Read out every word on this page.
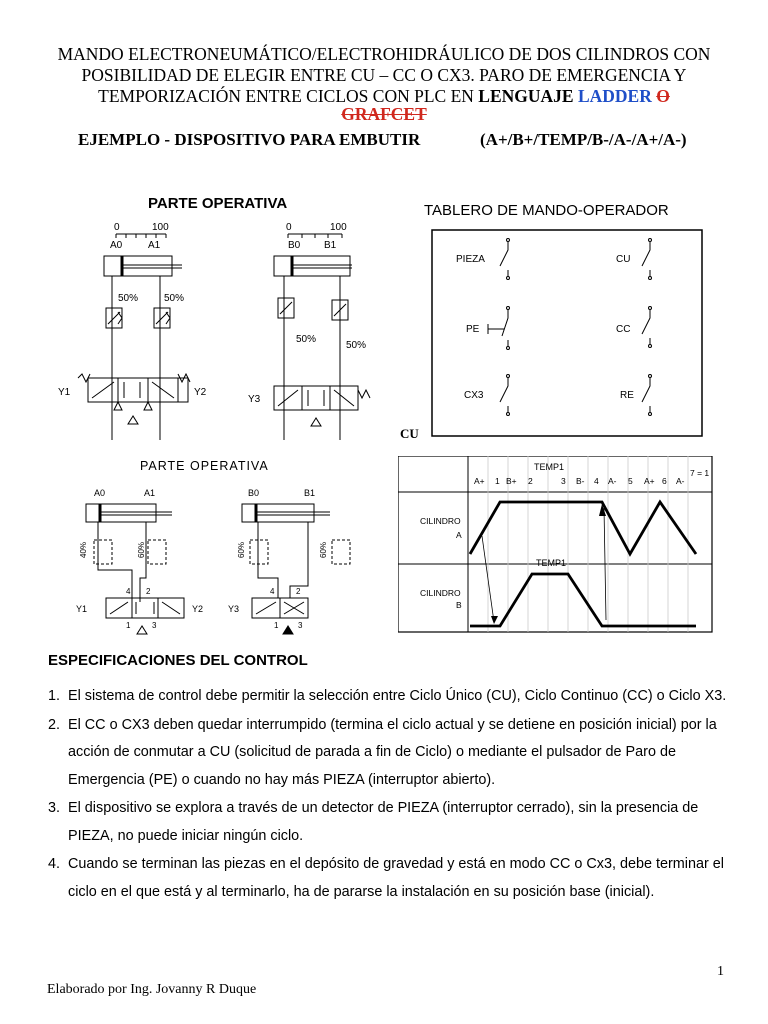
MANDO ELECTRONEUMÁTICO/ELECTROHIDRÁULICO DE DOS CILINDROS CON
POSIBILIDAD DE ELEGIR ENTRE CU – CC O CX3. PARO DE EMERGENCIA Y
TEMPORIZACIÓN ENTRE CICLOS CON PLC EN LENGUAJE LADDER O
GRAFCET
EJEMPLO - DISPOSITIVO PARA EMBUTIR	(A+/B+/TEMP/B-/A-/A+/A-)
PARTE OPERATIVA
0	100
A0	A1
50%	50%
Y1	Y2
0	100
B0 B1
50%
50%
Y3
TABLERO DE MANDO-OPERADOR
PIEZA	CU
PE	CC
CX3	RE
CU
PARTE OPERATIVA
A0	A1
40%	60%
4 2
1	3
Y1	Y2
B0	B1
60%	60%
4	2
1 3
Y3
TEMP1
A+ 1 B+ 2	3 B- 4 A- 5 A+ 6 A-
7 = 1
CILINDRO
A
CILINDRO
B
TEMP1
ESPECIFICACIONES DEL CONTROL
1. El sistema de control debe permitir la selección entre Ciclo Único (CU), Ciclo Continuo (CC) o Ciclo X3.
2. El CC o CX3 deben quedar interrumpido (termina el ciclo actual y se detiene en posición inicial) por la acción de conmutar a CU (solicitud de parada a fin de Ciclo) o mediante el pulsador de Paro de Emergencia (PE) o cuando no hay más PIEZA (interruptor abierto).
3. El dispositivo se explora a través de un detector de PIEZA (interruptor cerrado), sin la presencia de PIEZA, no puede iniciar ningún ciclo.
4. Cuando se terminan las piezas en el depósito de gravedad y está en modo CC o Cx3, debe terminar el ciclo en el que está y al terminarlo, ha de pararse la instalación en su posición base (inicial).
1
Elaborado por Ing. Jovanny R Duque
